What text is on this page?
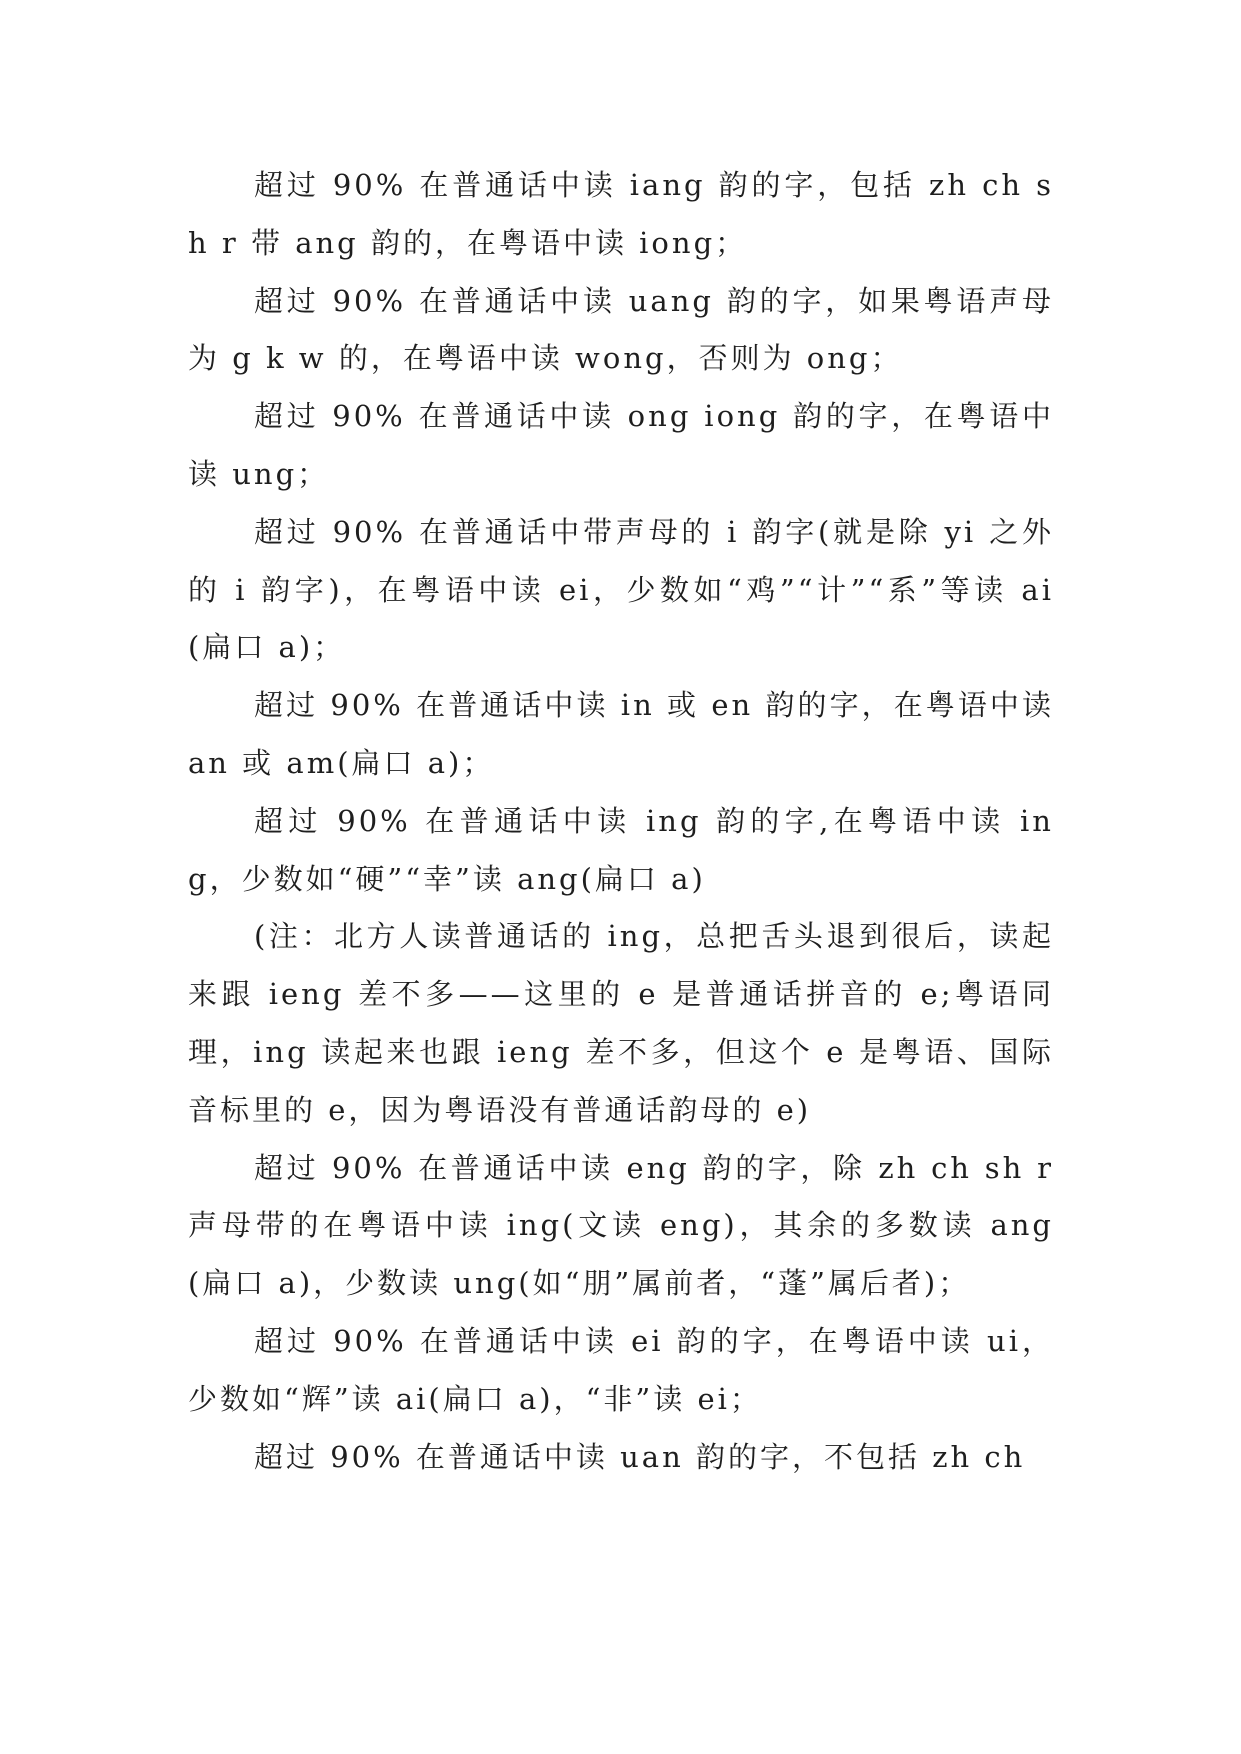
超过 90% 在普通话中读 iang 韵的字，包括 zh ch sh r 带 ang 韵的，在粤语中读 iong；

超过 90% 在普通话中读 uang 韵的字，如果粤语声母为 g k w 的，在粤语中读 wong，否则为 ong；

超过 90% 在普通话中读 ong iong 韵的字，在粤语中读 ung；

超过 90% 在普通话中带声母的 i 韵字(就是除 yi 之外的 i 韵字)，在粤语中读 ei，少数如“鸡”“计”“系”等读 ai(扁口 a)；

超过 90% 在普通话中读 in 或 en 韵的字，在粤语中读 an 或 am(扁口 a)；

超过 90% 在普通话中读 ing 韵的字,在粤语中读 ing，少数如“硬”“幸”读 ang(扁口 a)

(注：北方人读普通话的 ing，总把舌头退到很后，读起来跟 ieng 差不多——这里的 e 是普通话拼音的 e;粤语同理，ing 读起来也跟 ieng 差不多，但这个 e 是粤语、国际音标里的 e，因为粤语没有普通话韵母的 e)

超过 90% 在普通话中读 eng 韵的字，除 zh ch sh r 声母带的在粤语中读 ing(文读 eng)，其余的多数读 ang(扁口 a)，少数读 ung(如“朋”属前者，“蓬”属后者)；

超过 90% 在普通话中读 ei 韵的字，在粤语中读 ui，少数如“辉”读 ai(扁口 a)，“非”读 ei；

超过 90% 在普通话中读 uan 韵的字，不包括 zh ch
